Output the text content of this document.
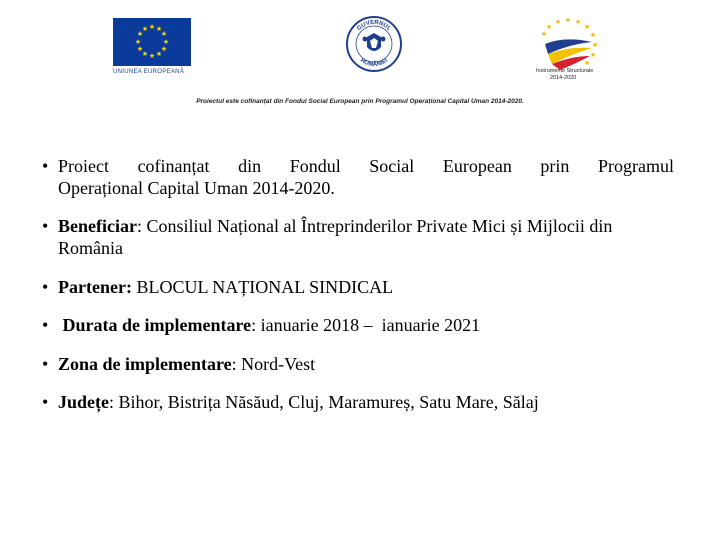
★ ★
★
★
★
★
★
★
★
★
★
★
UNIUNEA EUROPEANĂ
GUVERNUL
ROMÂNIEI
★ ★ ★
★
★
★
★
★
★
★
Instrumente Structurale
2014-2020
Proiectul este cofinanțat din Fondul Social European prin Programul Operațional Capital Uman 2014-2020.
• Proiect cofinanțat din Fondul Social European prin Programul
Operațional Capital Uman 2014-2020.
• Beneficiar: Consiliul Național al Întreprinderilor Private Mici și Mijlocii din România
• Partener: BLOCUL NAȚIONAL SINDICAL
• Durata de implementare: ianuarie 2018 –  ianuarie 2021
• Zona de implementare: Nord-Vest
• Județe: Bihor, Bistrița Năsăud, Cluj, Maramureș, Satu Mare, Sălaj
